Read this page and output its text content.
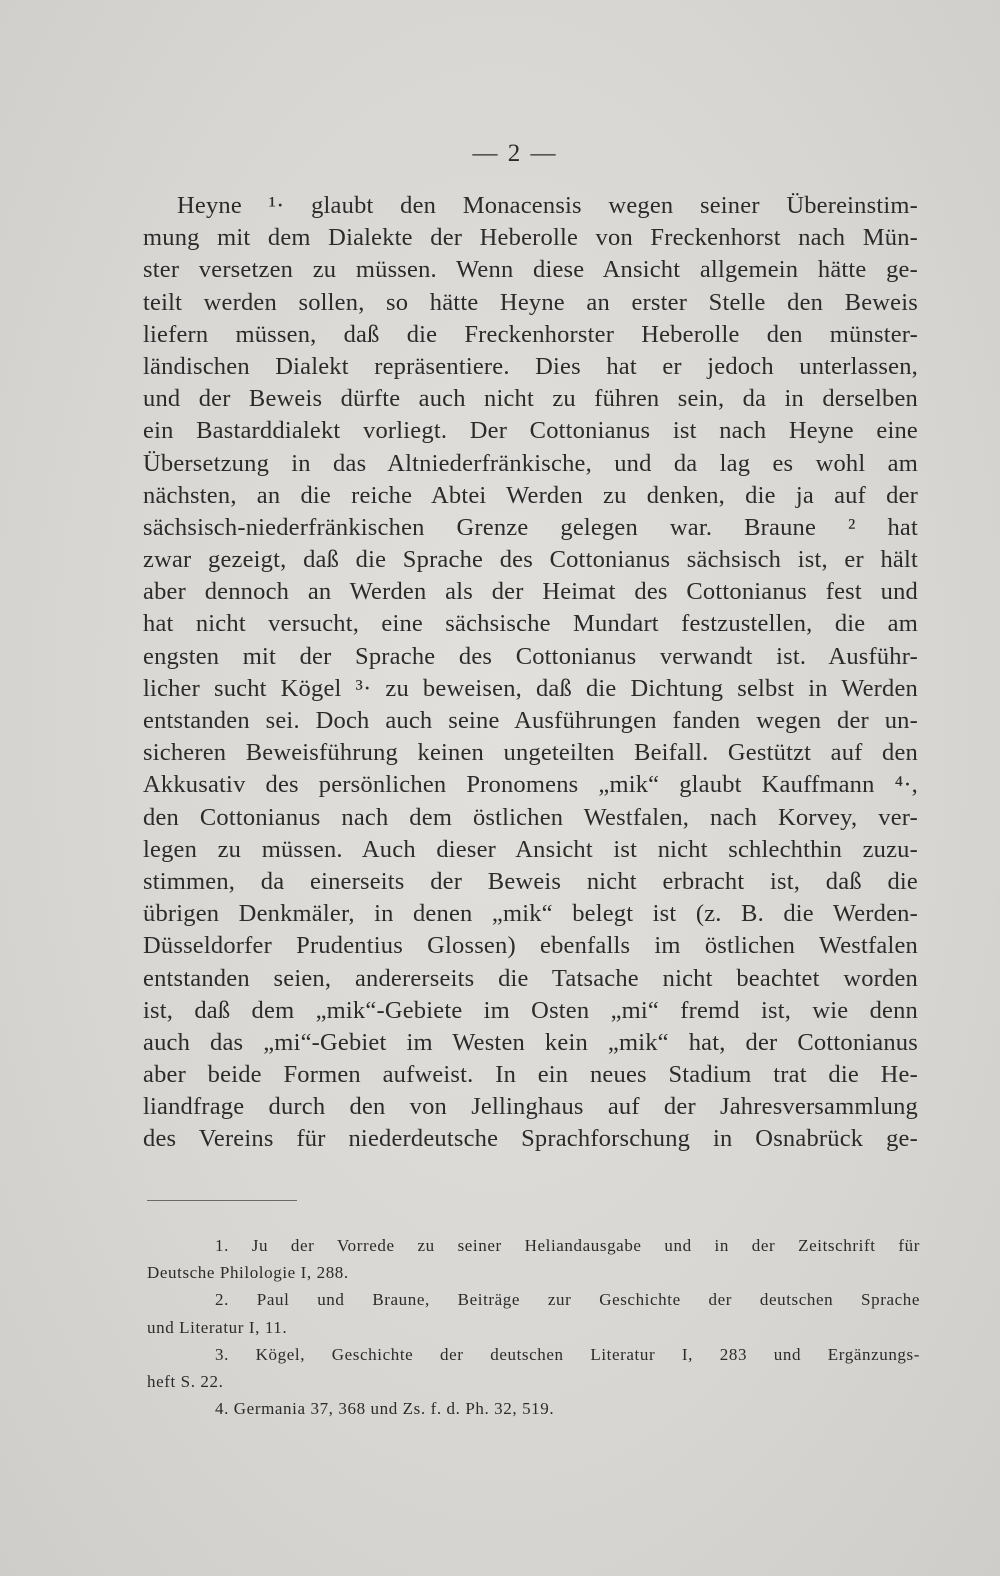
— 2 —
Heyne ¹· glaubt den Monacensis wegen seiner Übereinstim-
mung mit dem Dialekte der Heberolle von Freckenhorst nach Mün-
ster versetzen zu müssen. Wenn diese Ansicht allgemein hätte ge-
teilt werden sollen, so hätte Heyne an erster Stelle den Beweis
liefern müssen, daß die Freckenhorster Heberolle den münster-
ländischen Dialekt repräsentiere. Dies hat er jedoch unterlassen,
und der Beweis dürfte auch nicht zu führen sein, da in derselben
ein Bastarddialekt vorliegt. Der Cottonianus ist nach Heyne eine
Übersetzung in das Altniederfränkische, und da lag es wohl am
nächsten, an die reiche Abtei Werden zu denken, die ja auf der
sächsisch-niederfränkischen Grenze gelegen war. Braune ² hat
zwar gezeigt, daß die Sprache des Cottonianus sächsisch ist, er hält
aber dennoch an Werden als der Heimat des Cottonianus fest und
hat nicht versucht, eine sächsische Mundart festzustellen, die am
engsten mit der Sprache des Cottonianus verwandt ist. Ausführ-
licher sucht Kögel ³· zu beweisen, daß die Dichtung selbst in Werden
entstanden sei. Doch auch seine Ausführungen fanden wegen der un-
sicheren Beweisführung keinen ungeteilten Beifall. Gestützt auf den
Akkusativ des persönlichen Pronomens „mik“ glaubt Kauffmann ⁴·,
den Cottonianus nach dem östlichen Westfalen, nach Korvey, ver-
legen zu müssen. Auch dieser Ansicht ist nicht schlechthin zuzu-
stimmen, da einerseits der Beweis nicht erbracht ist, daß die
übrigen Denkmäler, in denen „mik“ belegt ist (z. B. die Werden-
Düsseldorfer Prudentius Glossen) ebenfalls im östlichen Westfalen
entstanden seien, andererseits die Tatsache nicht beachtet worden
ist, daß dem „mik“-Gebiete im Osten „mi“ fremd ist, wie denn
auch das „mi“-Gebiet im Westen kein „mik“ hat, der Cottonianus
aber beide Formen aufweist. In ein neues Stadium trat die He-
liandfrage durch den von Jellinghaus auf der Jahresversammlung
des Vereins für niederdeutsche Sprachforschung in Osnabrück ge-
1. Ju der Vorrede zu seiner Heliandausgabe und in der Zeitschrift für
Deutsche Philologie I, 288.
2. Paul und Braune, Beiträge zur Geschichte der deutschen Sprache
und Literatur I, 11.
3. Kögel, Geschichte der deutschen Literatur I, 283 und Ergänzungs-
heft S. 22.
4. Germania 37, 368 und Zs. f. d. Ph. 32, 519.
